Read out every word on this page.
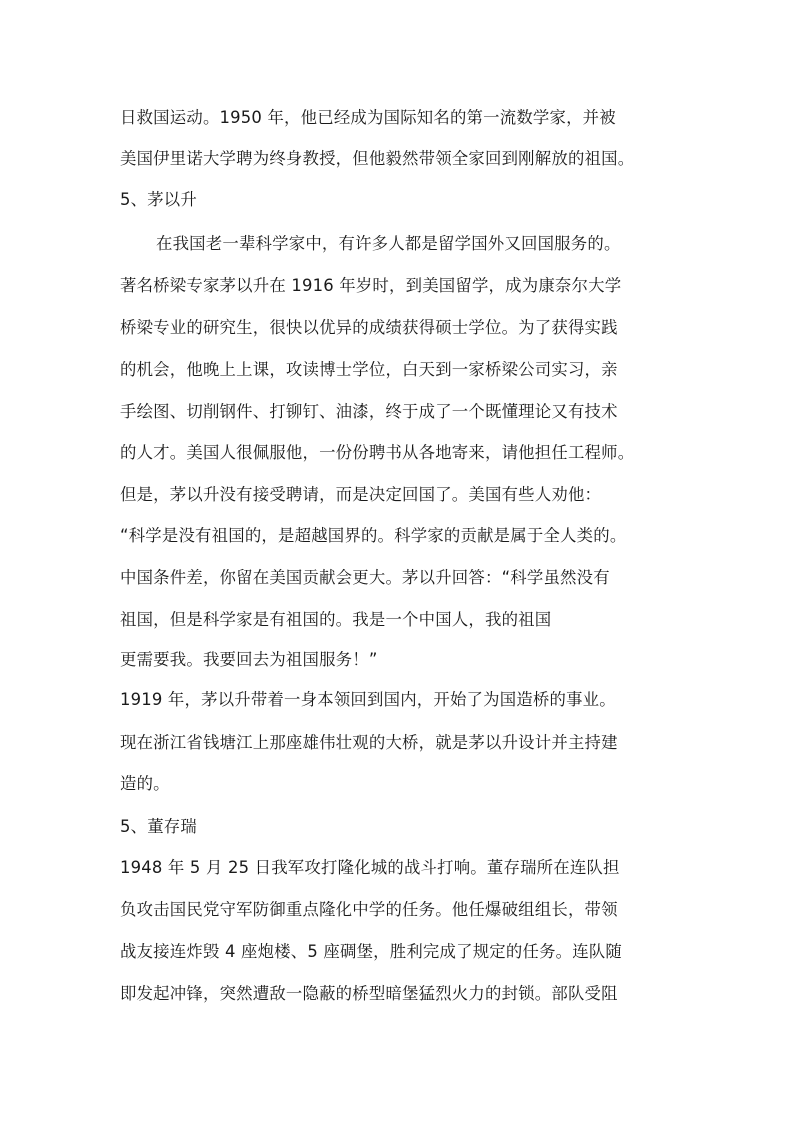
日救国运动。1950 年，他已经成为国际知名的第一流数学家，并被
美国伊里诺大学聘为终身教授，但他毅然带领全家回到刚解放的祖国。
5、茅以升
在我国老一辈科学家中，有许多人都是留学国外又回国服务的。
著名桥梁专家茅以升在 1916 年岁时，到美国留学，成为康奈尔大学
桥梁专业的研究生，很快以优异的成绩获得硕士学位。为了获得实践
的机会，他晚上上课，攻读博士学位，白天到一家桥梁公司实习，亲
手绘图、切削钢件、打铆钉、油漆，终于成了一个既懂理论又有技术
的人才。美国人很佩服他，一份份聘书从各地寄来，请他担任工程师。
但是，茅以升没有接受聘请，而是决定回国了。美国有些人劝他：
“科学是没有祖国的，是超越国界的。科学家的贡献是属于全人类的。
中国条件差，你留在美国贡献会更大。茅以升回答：“科学虽然没有
祖国，但是科学家是有祖国的。我是一个中国人，我的祖国
更需要我。我要回去为祖国服务！”
1919 年，茅以升带着一身本领回到国内，开始了为国造桥的事业。
现在浙江省钱塘江上那座雄伟壮观的大桥，就是茅以升设计并主持建
造的。
5、董存瑞
1948 年 5 月 25 日我军攻打隆化城的战斗打响。董存瑞所在连队担
负攻击国民党守军防御重点隆化中学的任务。他任爆破组组长，带领
战友接连炸毁 4 座炮楼、5 座碉堡，胜利完成了规定的任务。连队随
即发起冲锋，突然遭敌一隐蔽的桥型暗堡猛烈火力的封锁。部队受阻
